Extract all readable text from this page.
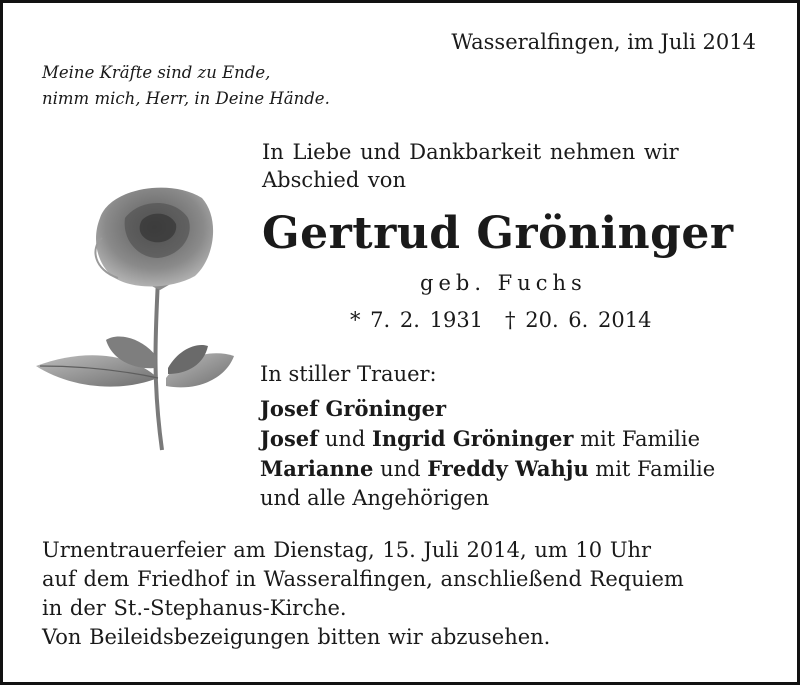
Wasseralfingen, im Juli 2014
Meine Kräfte sind zu Ende,
nimm mich, Herr, in Deine Hände.
In Liebe und Dankbarkeit nehmen wir
Abschied von
Gertrud Gröninger
geb. Fuchs
* 7. 2. 1931 † 20. 6. 2014
In stiller Trauer:
Josef Gröninger
Josef und Ingrid Gröninger mit Familie
Marianne und Freddy Wahju mit Familie
und alle Angehörigen
Urnentrauerfeier am Dienstag, 15. Juli 2014, um 10 Uhr
auf dem Friedhof in Wasseralfingen, anschließend Requiem
in der St.-Stephanus-Kirche.
Von Beileidsbezeigungen bitten wir abzusehen.
